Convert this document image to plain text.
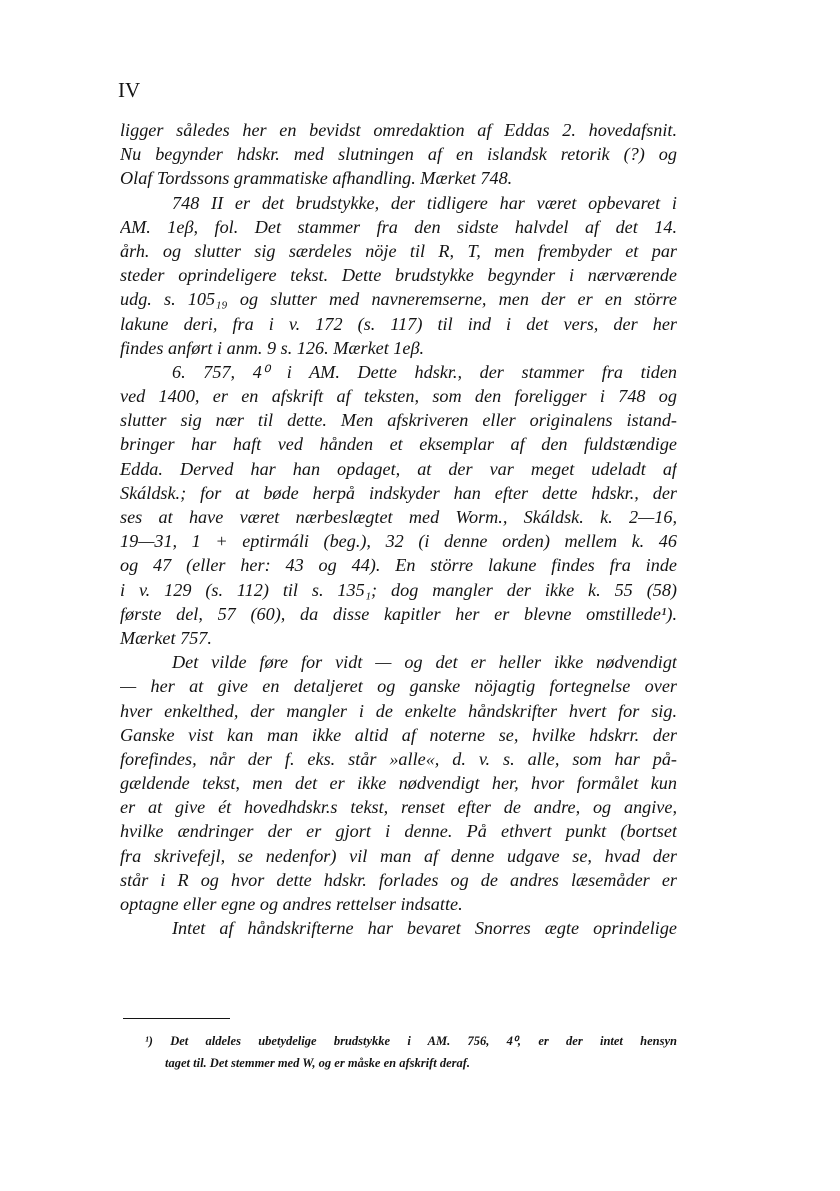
IV
ligger således her en bevidst omredaktion af Eddas 2. hovedafsnit.
Nu begynder hdskr. med slutningen af en islandsk retorik (?) og
Olaf Tordssons grammatiske afhandling. Mærket 748.
748 II er det brudstykke, der tidligere har været opbevaret i
AM. 1eβ, fol. Det stammer fra den sidste halvdel af det 14.
årh. og slutter sig særdeles nöje til R, T, men frembyder et par
steder oprindeligere tekst. Dette brudstykke begynder i nærværende
udg. s. 105₁₉ og slutter med navneremserne, men der er en större
lakune deri, fra i v. 172 (s. 117) til ind i det vers, der her
findes anført i anm. 9 s. 126. Mærket 1eβ.
6. 757, 4⁰ i AM. Dette hdskr., der stammer fra tiden
ved 1400, er en afskrift af teksten, som den foreligger i 748 og
slutter sig nær til dette. Men afskriveren eller originalens istand-
bringer har haft ved hånden et eksemplar af den fuldstændige
Edda. Derved har han opdaget, at der var meget udeladt af
Skáldsk.; for at bøde herpå indskyder han efter dette hdskr., der
ses at have været nærbeslægtet med Worm., Skáldsk. k. 2—16,
19—31, 1 + eptirmáli (beg.), 32 (i denne orden) mellem k. 46
og 47 (eller her: 43 og 44). En större lakune findes fra inde
i v. 129 (s. 112) til s. 135₁; dog mangler der ikke k. 55 (58)
første del, 57 (60), da disse kapitler her er blevne omstillede¹).
Mærket 757.
Det vilde føre for vidt — og det er heller ikke nødvendigt
— her at give en detaljeret og ganske nöjagtig fortegnelse over
hver enkelthed, der mangler i de enkelte håndskrifter hvert for sig.
Ganske vist kan man ikke altid af noterne se, hvilke hdskrr. der
forefindes, når der f. eks. står »alle«, d. v. s. alle, som har på-
gældende tekst, men det er ikke nødvendigt her, hvor formålet kun
er at give ét hovedhdskr.s tekst, renset efter de andre, og angive,
hvilke ændringer der er gjort i denne. På ethvert punkt (bortset
fra skrivefejl, se nedenfor) vil man af denne udgave se, hvad der
står i R og hvor dette hdskr. forlades og de andres læsemåder er
optagne eller egne og andres rettelser indsatte.
Intet af håndskrifterne har bevaret Snorres ægte oprindelige
¹) Det aldeles ubetydelige brudstykke i AM. 756, 4⁰, er der intet hensyn
taget til. Det stemmer med W, og er måske en afskrift deraf.
